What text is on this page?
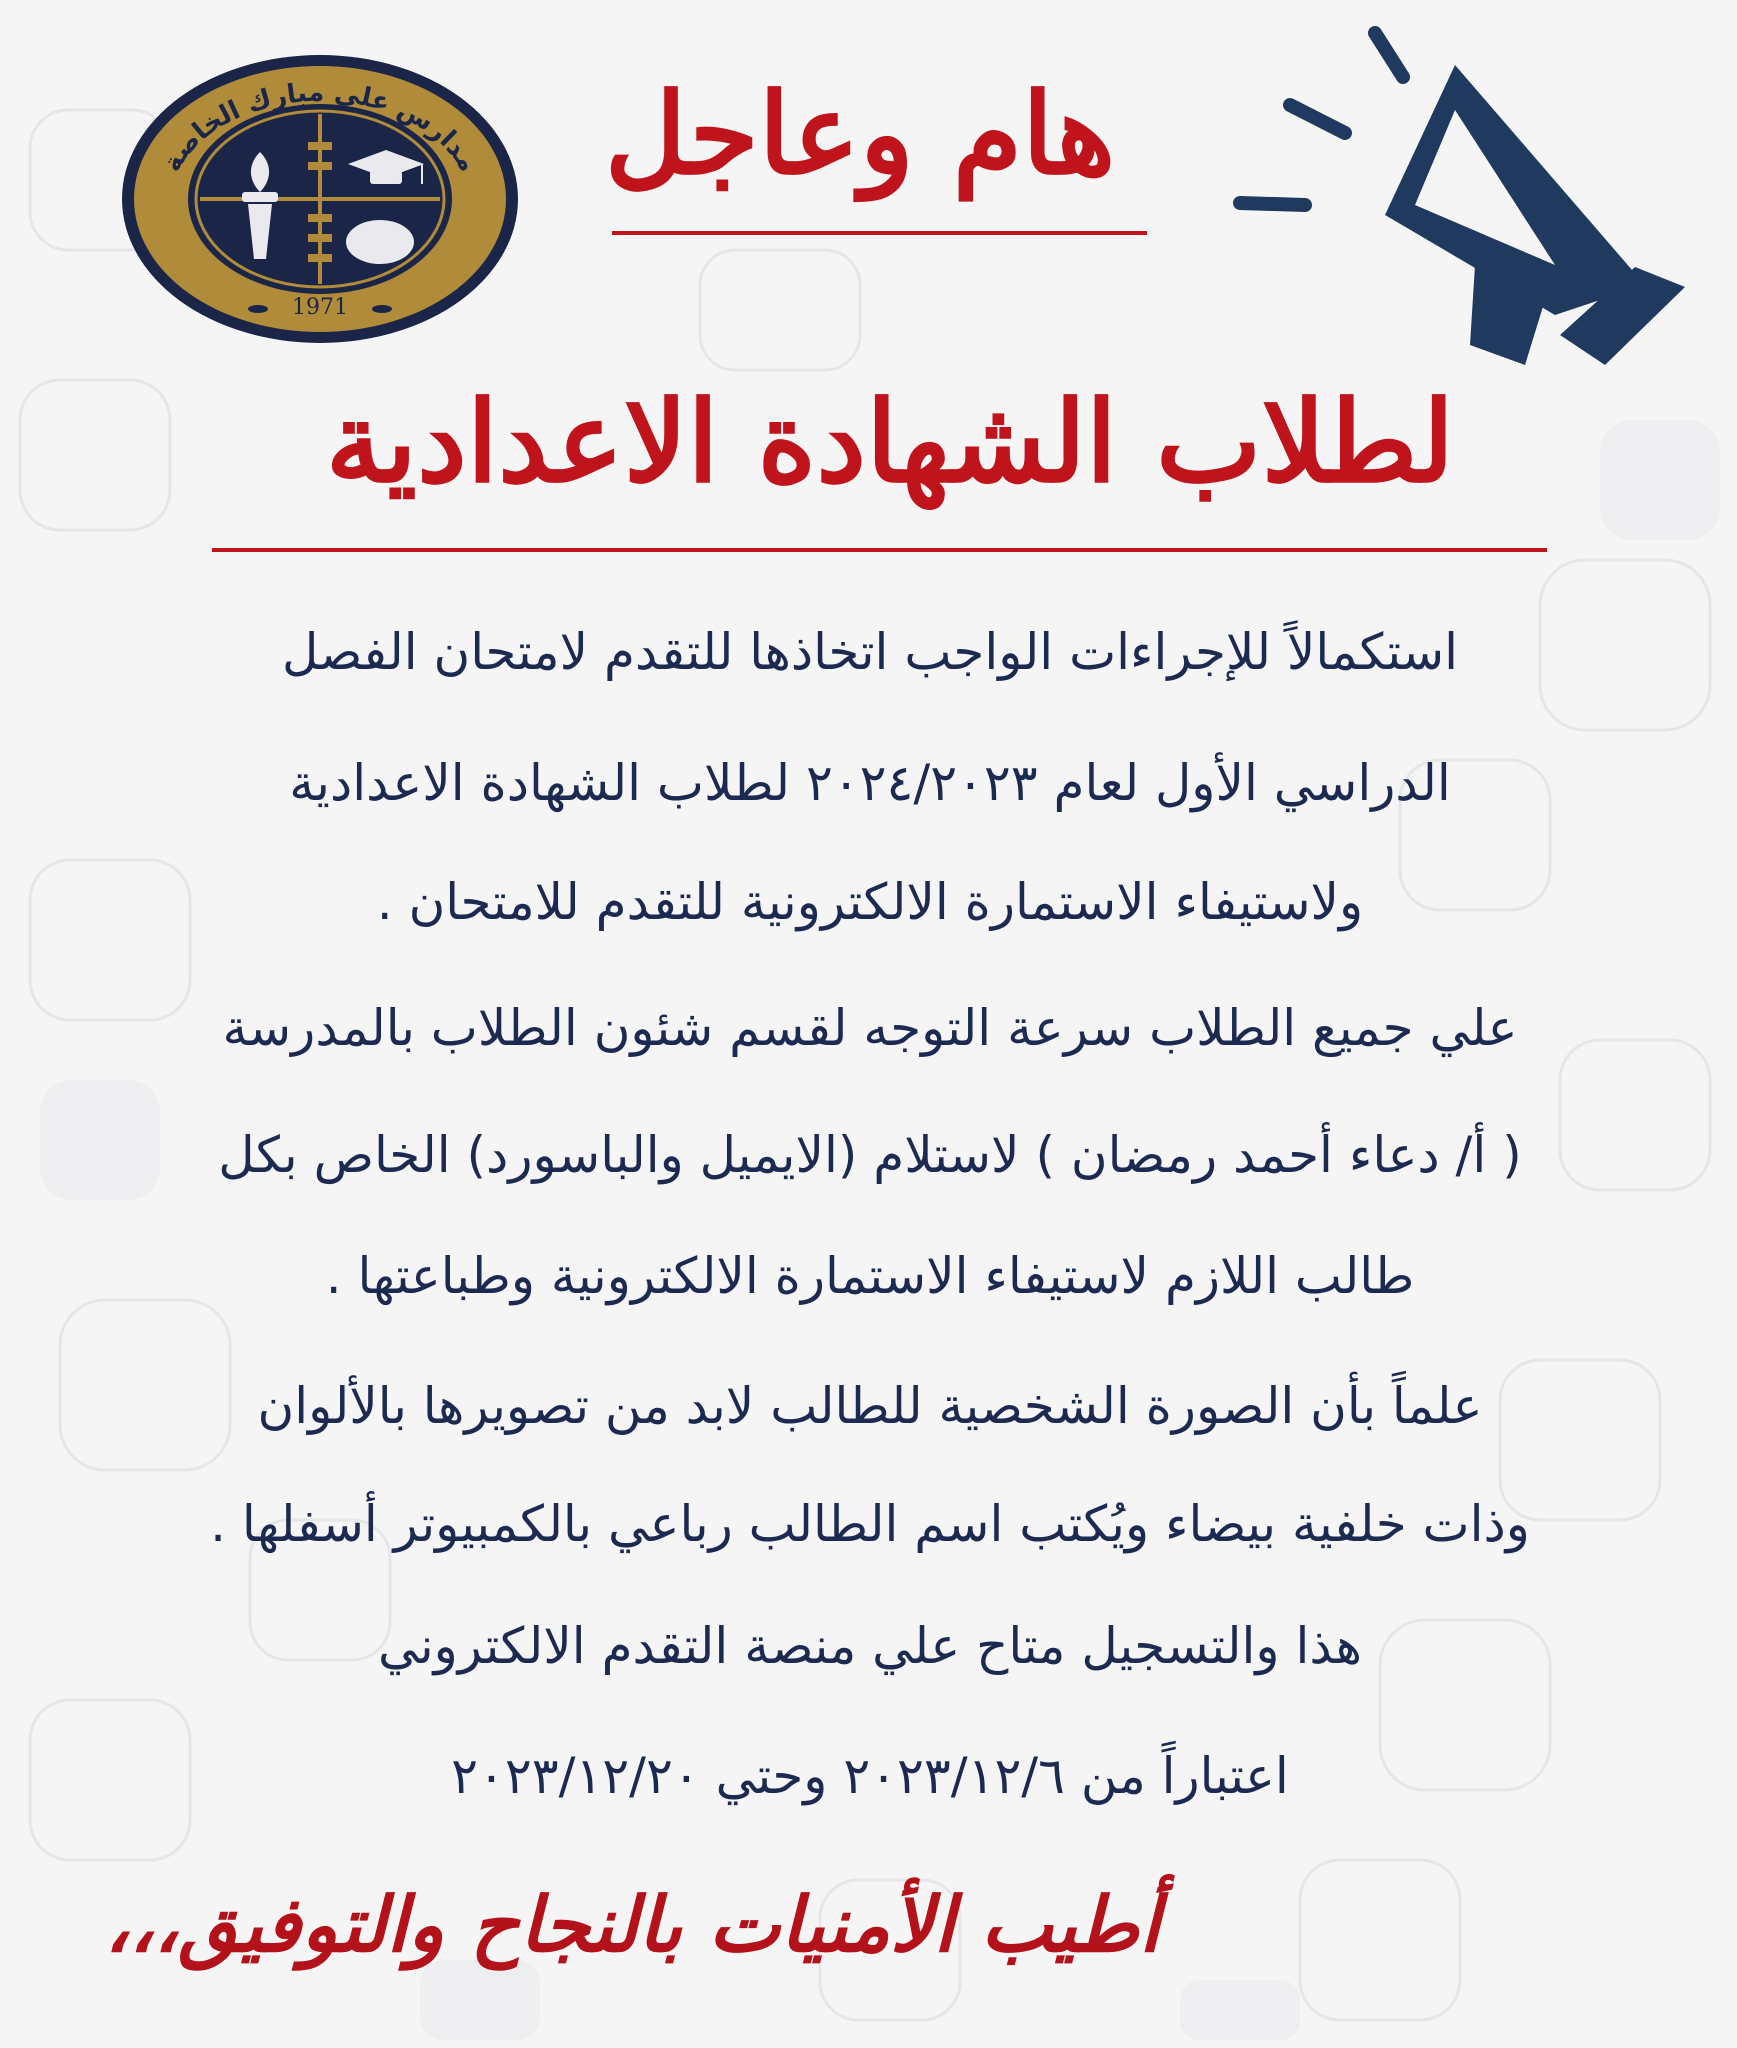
مدارس علي مبارك الخاصة
1971
هام وعاجل
لطلاب الشهادة الاعدادية
استكمالاً للإجراءات الواجب اتخاذها للتقدم لامتحان الفصل
الدراسي الأول لعام ٢٠٢٤/٢٠٢٣ لطلاب الشهادة الاعدادية
ولاستيفاء الاستمارة الالكترونية للتقدم للامتحان .
علي جميع الطلاب سرعة التوجه لقسم شئون الطلاب بالمدرسة
( أ/ دعاء أحمد رمضان ) لاستلام (الايميل والباسورد) الخاص بكل
طالب اللازم لاستيفاء الاستمارة الالكترونية وطباعتها .
علماً بأن الصورة الشخصية للطالب لابد من تصويرها بالألوان
وذات خلفية بيضاء ويُكتب اسم الطالب رباعي بالكمبيوتر أسفلها .
هذا والتسجيل متاح علي منصة التقدم الالكتروني
اعتباراً من ٢٠٢٣/١٢/٦ وحتي ٢٠٢٣/١٢/٢٠
أطيب الأمنيات بالنجاح والتوفيق،،،
